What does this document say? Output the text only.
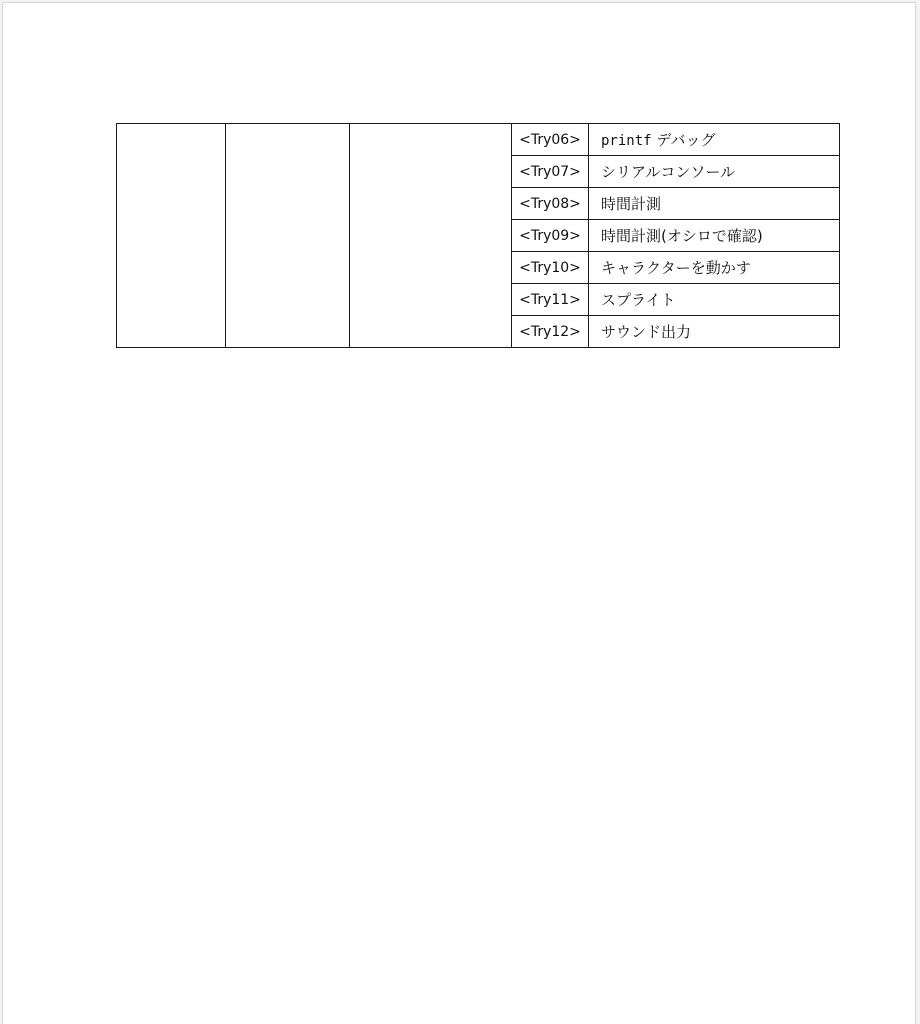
			<Try06>	printf デバッグ
			<Try07>	シリアルコンソール
			<Try08>	時間計測
			<Try09>	時間計測(オシロで確認)
			<Try10>	キャラクターを動かす
			<Try11>	スプライト
			<Try12>	サウンド出力
